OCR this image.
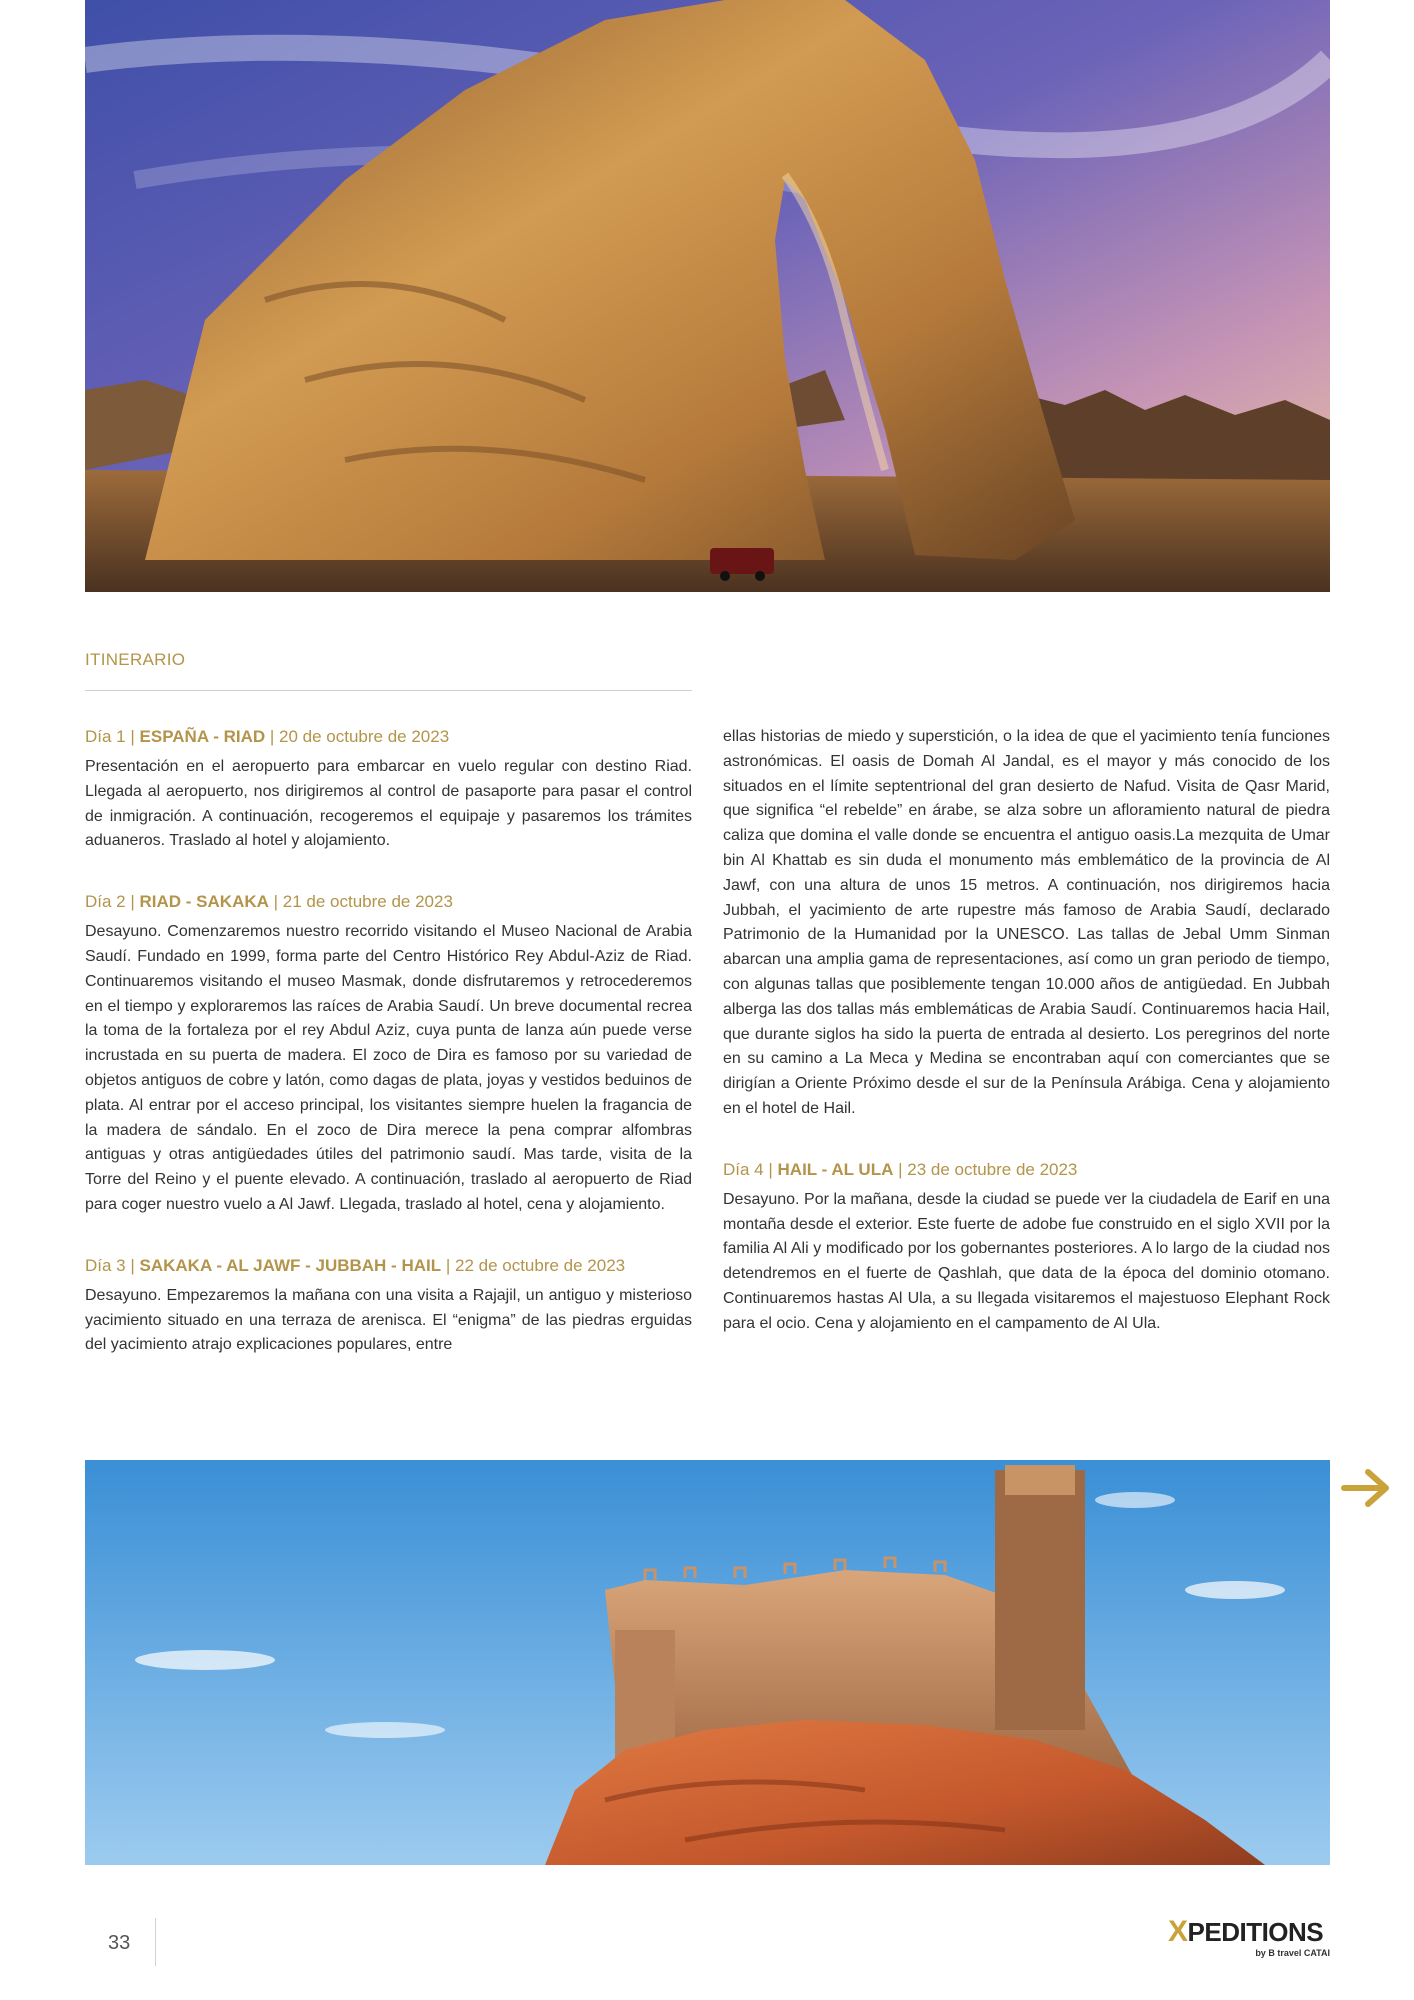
ITINERARIO
Día 1 | ESPAÑA - RIAD | 20 de octubre de 2023

Presentación en el aeropuerto para embarcar en vuelo regular con destino Riad. Llegada al aeropuerto, nos dirigiremos al control de pasaporte para pasar el control de inmigración. A continuación, recogeremos el equipaje y pasaremos los trámites aduaneros. Traslado al hotel y alojamiento.

Día 2 | RIAD - SAKAKA | 21 de octubre de 2023

Desayuno. Comenzaremos nuestro recorrido visitando el Museo Nacional de Arabia Saudí. Fundado en 1999, forma parte del Centro Histórico Rey Abdul-Aziz de Riad. Continuaremos visitando el museo Masmak, donde disfrutaremos y retrocederemos en el tiempo y exploraremos las raíces de Arabia Saudí. Un breve documental recrea la toma de la fortaleza por el rey Abdul Aziz, cuya punta de lanza aún puede verse incrustada en su puerta de madera. El zoco de Dira es famoso por su variedad de objetos antiguos de cobre y latón, como dagas de plata, joyas y vestidos beduinos de plata. Al entrar por el acceso principal, los visitantes siempre huelen la fragancia de la madera de sándalo. En el zoco de Dira merece la pena comprar alfombras antiguas y otras antigüedades útiles del patrimonio saudí. Mas tarde, visita de la Torre del Reino y el puente elevado. A continuación, traslado al aeropuerto de Riad para coger nuestro vuelo a Al Jawf. Llegada, traslado al hotel, cena y alojamiento.

Día 3 | SAKAKA - AL JAWF - JUBBAH - HAIL | 22 de octubre de 2023

Desayuno. Empezaremos la mañana con una visita a Rajajil, un antiguo y misterioso yacimiento situado en una terraza de arenisca. El “enigma” de las piedras erguidas del yacimiento atrajo explicaciones populares, entre

ellas historias de miedo y superstición, o la idea de que el yacimiento tenía funciones astronómicas. El oasis de Domah Al Jandal, es el mayor y más conocido de los situados en el límite septentrional del gran desierto de Nafud. Visita de Qasr Marid, que significa “el rebelde” en árabe, se alza sobre un afloramiento natural de piedra caliza que domina el valle donde se encuentra el antiguo oasis.La mezquita de Umar bin Al Khattab es sin duda el monumento más emblemático de la provincia de Al Jawf, con una altura de unos 15 metros. A continuación, nos dirigiremos hacia Jubbah, el yacimiento de arte rupestre más famoso de Arabia Saudí, declarado Patrimonio de la Humanidad por la UNESCO. Las tallas de Jebal Umm Sinman abarcan una amplia gama de representaciones, así como un gran periodo de tiempo, con algunas tallas que posiblemente tengan 10.000 años de antigüedad. En Jubbah alberga las dos tallas más emblemáticas de Arabia Saudí. Continuaremos hacia Hail, que durante siglos ha sido la puerta de entrada al desierto. Los peregrinos del norte en su camino a La Meca y Medina se encontraban aquí con comerciantes que se dirigían a Oriente Próximo desde el sur de la Península Arábiga. Cena y alojamiento en el hotel de Hail.

Día 4 | HAIL - AL ULA | 23 de octubre de 2023

Desayuno. Por la mañana, desde la ciudad se puede ver la ciudadela de Earif en una montaña desde el exterior. Este fuerte de adobe fue construido en el siglo XVII por la familia Al Ali y modificado por los gobernantes posteriores. A lo largo de la ciudad nos detendremos en el fuerte de Qashlah, que data de la época del dominio otomano. Continuaremos hastas Al Ula, a su llegada visitaremos el majestuoso Elephant Rock para el ocio. Cena y alojamiento en el campamento de Al Ula.

33	XPEDITIONS
by B travel CATAI
